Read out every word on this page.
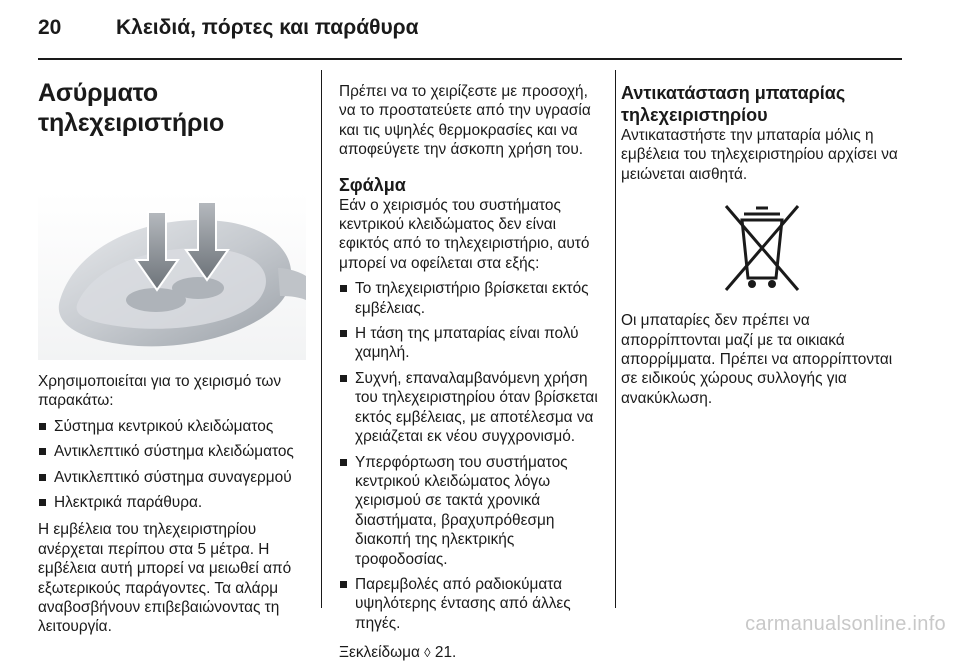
20	Κλειδιά, πόρτες και παράθυρα
Ασύρματο τηλεχειριστήριο

Χρησιμοποιείται για το χειρισμό των παρακάτω:

Σύστημα κεντρικού κλειδώματος
Αντικλεπτικό σύστημα κλειδώματος
Αντικλεπτικό σύστημα συναγερμού
Ηλεκτρικά παράθυρα.

Η εμβέλεια του τηλεχειριστηρίου ανέρχεται περίπου στα 5 μέτρα. Η εμβέλεια αυτή μπορεί να μειωθεί από εξωτερικούς παράγοντες. Τα αλάρμ αναβοσβήνουν επιβεβαιώνοντας τη λειτουργία.

Πρέπει να το χειρίζεστε με προσοχή, να το προστατεύετε από την υγρασία και τις υψηλές θερμοκρασίες και να αποφεύγετε την άσκοπη χρήση του.

Σφάλμα

Εάν ο χειρισμός του συστήματος κεντρικού κλειδώματος δεν είναι εφικτός από το τηλεχειριστήριο, αυτό μπορεί να οφείλεται στα εξής:

Το τηλεχειριστήριο βρίσκεται εκτός εμβέλειας.
Η τάση της μπαταρίας είναι πολύ χαμηλή.
Συχνή, επαναλαμβανόμενη χρήση του τηλεχειριστηρίου όταν βρίσκεται εκτός εμβέλειας, με αποτέλεσμα να χρειάζεται εκ νέου συγχρονισμό.
Υπερφόρτωση του συστήματος κεντρικού κλειδώματος λόγω χειρισμού σε τακτά χρονικά διαστήματα, βραχυπρόθεσμη διακοπή της ηλεκτρικής τροφοδοσίας.
Παρεμβολές από ραδιοκύματα υψηλότερης έντασης από άλλες πηγές.

Ξεκλείδωμα ◊ 21.

Αντικατάσταση μπαταρίας τηλεχειριστηρίου

Αντικαταστήστε την μπαταρία μόλις η εμβέλεια του τηλεχειριστηρίου αρχίσει να μειώνεται αισθητά.

Οι μπαταρίες δεν πρέπει να απορρίπτονται μαζί με τα οικιακά απορρίμματα. Πρέπει να απορρίπτονται σε ειδικούς χώρους συλλογής για ανακύκλωση.

carmanualsonline.info
